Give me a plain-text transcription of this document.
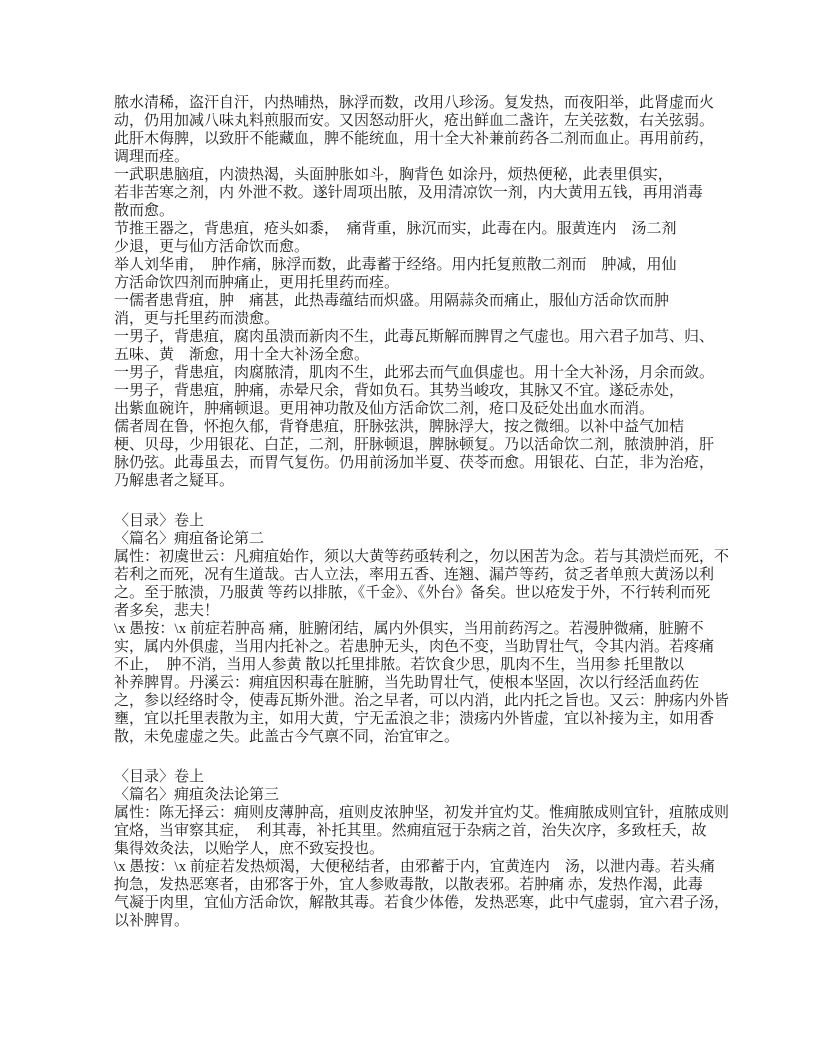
脓水清稀，盗汗自汗，内热晡热，脉浮而数，改用八珍汤。复发热，而夜阳举，此肾虚而火
动，仍用加减八味丸料煎服而安。又因怒动肝火，疮出鲜血二盏许，左关弦数，右关弦弱。
此肝木侮脾，以致肝不能藏血，脾不能统血，用十全大补兼前药各二剂而血止。再用前药，
调理而痊。
一武职患脑疽，内溃热渴，头面肿胀如斗，胸背色 如涂丹，烦热便秘，此表里俱实，
若非苦寒之剂，内 外泄不救。遂针周项出脓，及用清凉饮一剂，内大黄用五钱，再用消毒
散而愈。
节推王器之，背患疽，疮头如黍，　痛背重，脉沉而实，此毒在内。服黄连内　汤二剂
少退，更与仙方活命饮而愈。
举人刘华甫，　肿作痛，脉浮而数，此毒蓄于经络。用内托复煎散二剂而　肿减，用仙
方活命饮四剂而肿痛止，更用托里药而痊。
一儒者患背疽，肿　痛甚，此热毒蕴结而炽盛。用隔蒜灸而痛止，服仙方活命饮而肿
消，更与托里药而溃愈。
一男子，背患疽，腐肉虽溃而新肉不生，此毒瓦斯解而脾胃之气虚也。用六君子加芎、归、
五味、黄　渐愈，用十全大补汤全愈。
一男子，背患疽，肉腐脓清，肌肉不生，此邪去而气血俱虚也。用十全大补汤，月余而敛。
一男子，背患疽，肿痛，赤晕尺余，背如负石。其势当峻攻，其脉又不宜。遂砭赤处，
出紫血碗许，肿痛顿退。更用神功散及仙方活命饮二剂，疮口及砭处出血水而消。
儒者周在鲁，怀抱久郁，背脊患疽，肝脉弦洪，脾脉浮大，按之微细。以补中益气加桔
梗、贝母，少用银花、白芷，二剂，肝脉顿退，脾脉顿复。乃以活命饮二剂，脓溃肿消，肝
脉仍弦。此毒虽去，而胃气复伤。仍用前汤加半夏、茯苓而愈。用银花、白芷，非为治疮，
乃解患者之疑耳。
〈目录〉卷上
〈篇名〉痈疽备论第二
属性：初虞世云：凡痈疽始作，须以大黄等药亟转利之，勿以困苦为念。若与其溃烂而死，不
若利之而死，况有生道哉。古人立法，率用五香、连翘、漏芦等药，贫乏者单煎大黄汤以利
之。至于脓溃，乃服黄 等药以排脓，《千金》、《外台》备矣。世以疮发于外，不行转利而死
者多矣，悲夫！
\x 愚按：\x 前症若肿高 痛，脏腑闭结，属内外俱实，当用前药泻之。若漫肿微痛，脏腑不
实，属内外俱虚，当用内托补之。若患肿无头，肉色不变，当助胃壮气，令其内消。若疼痛
不止，　肿不消，当用人参黄 散以托里排脓。若饮食少思，肌肉不生，当用参 托里散以
补养脾胃。丹溪云：痈疽因积毒在脏腑，当先助胃壮气，使根本坚固，次以行经活血药佐
之，参以经络时令，使毒瓦斯外泄。治之早者，可以内消，此内托之旨也。又云：肿疡内外皆
壅，宜以托里表散为主，如用大黄，宁无孟浪之非；溃疡内外皆虚，宜以补接为主，如用香
散，未免虚虚之失。此盖古今气禀不同，治宜审之。
〈目录〉卷上
〈篇名〉痈疽灸法论第三
属性：陈无择云：痈则皮薄肿高，疽则皮浓肿坚，初发并宜灼艾。惟痈脓成则宜针，疽脓成则
宜烙，当审察其症，　利其毒，补托其里。然痈疽冠于杂病之首，治失次序，多致枉夭，故
集得效灸法，以贻学人，庶不致妄投也。
\x 愚按：\x 前症若发热烦渴，大便秘结者，由邪蓄于内，宜黄连内　汤，以泄内毒。若头痛
拘急，发热恶寒者，由邪客于外，宜人参败毒散，以散表邪。若肿痛 赤，发热作渴，此毒
气凝于肉里，宜仙方活命饮，解散其毒。若食少体倦，发热恶寒，此中气虚弱，宜六君子汤，
以补脾胃。
